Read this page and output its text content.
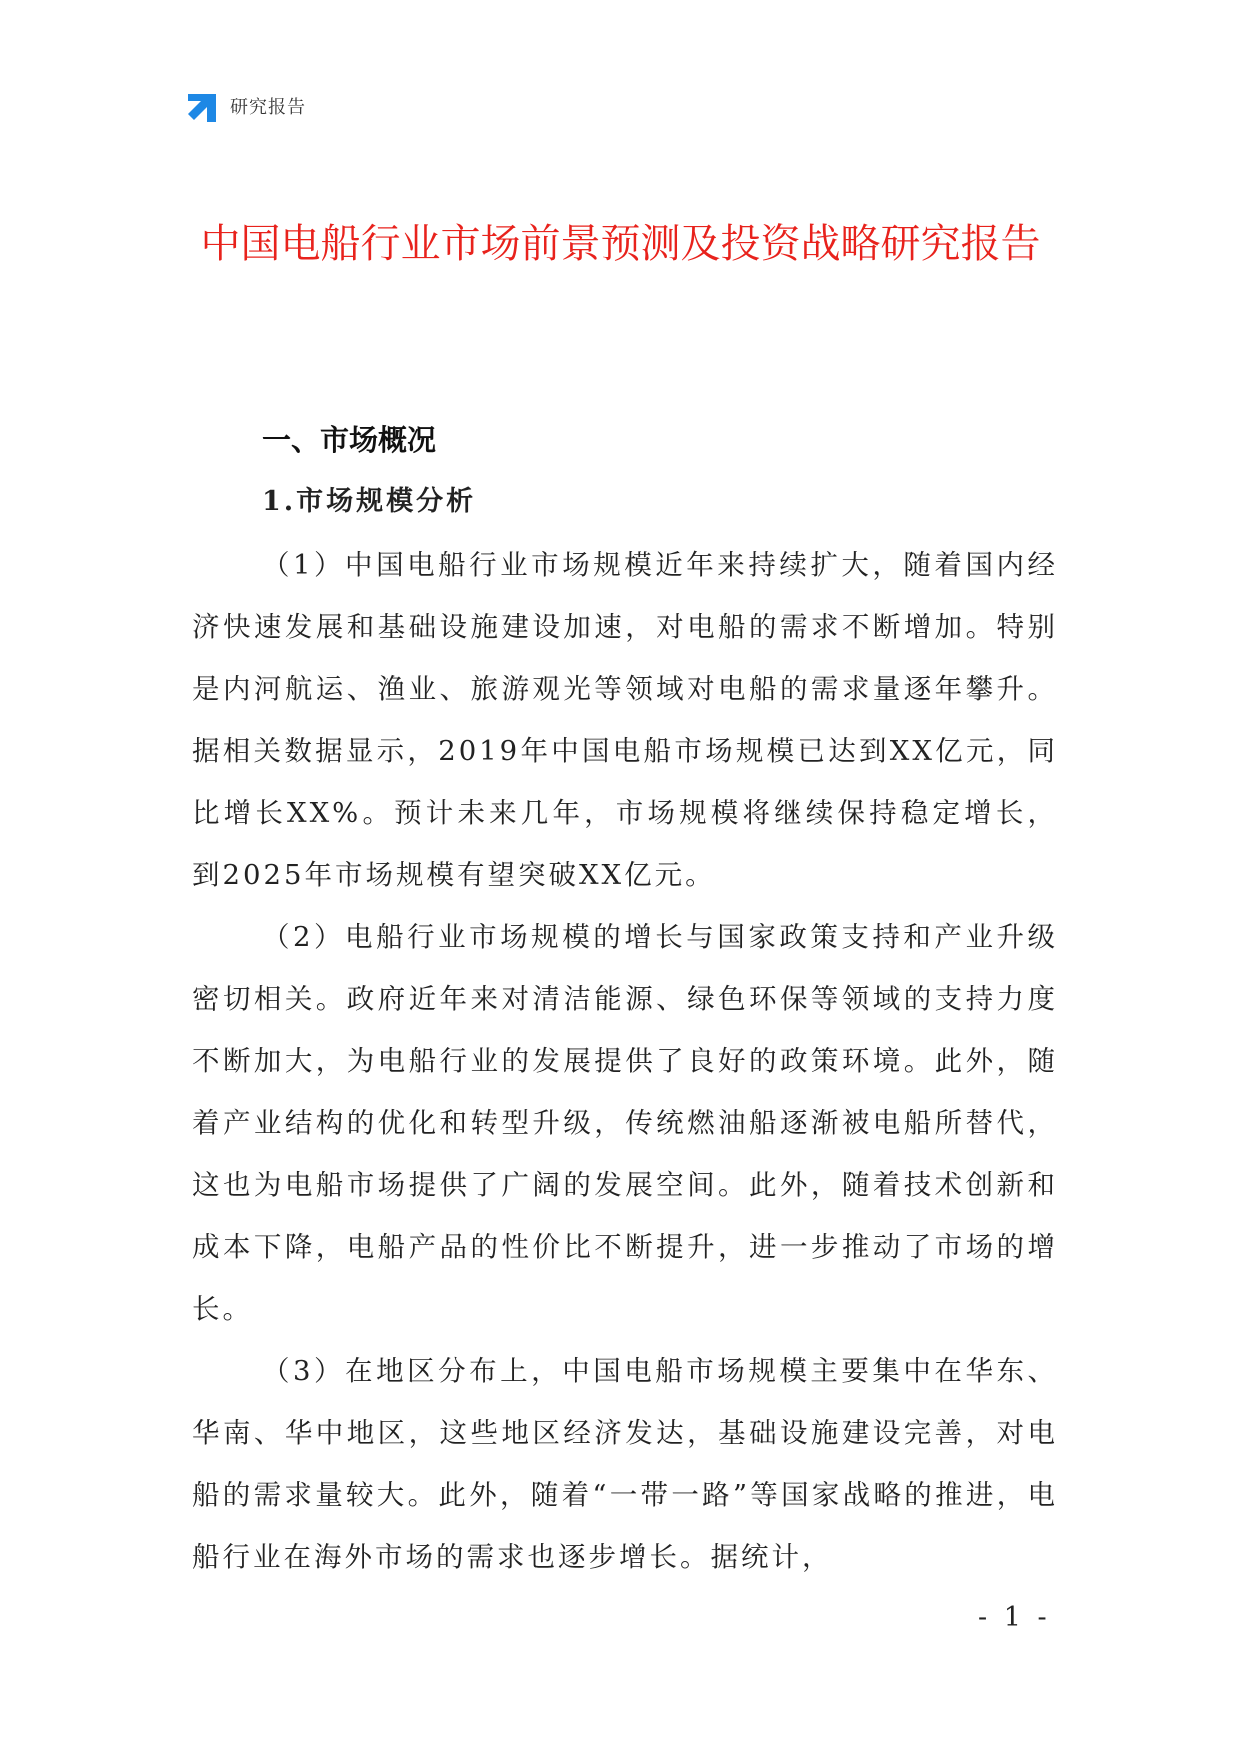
研究报告
中国电船行业市场前景预测及投资战略研究报告
一、市场概况
1.市场规模分析

（1）中国电船行业市场规模近年来持续扩大，随着国内经济快速发展和基础设施建设加速，对电船的需求不断增加。特别是内河航运、渔业、旅游观光等领域对电船的需求量逐年攀升。据相关数据显示，2019年中国电船市场规模已达到XX亿元，同比增长XX%。预计未来几年，市场规模将继续保持稳定增长，到2025年市场规模有望突破XX亿元。

（2）电船行业市场规模的增长与国家政策支持和产业升级密切相关。政府近年来对清洁能源、绿色环保等领域的支持力度不断加大，为电船行业的发展提供了良好的政策环境。此外，随着产业结构的优化和转型升级，传统燃油船逐渐被电船所替代，这也为电船市场提供了广阔的发展空间。此外，随着技术创新和成本下降，电船产品的性价比不断提升，进一步推动了市场的增长。

（3）在地区分布上，中国电船市场规模主要集中在华东、华南、华中地区，这些地区经济发达，基础设施建设完善，对电船的需求量较大。此外，随着“一带一路”等国家战略的推进，电船行业在海外市场的需求也逐步增长。据统计，

- 1 -
